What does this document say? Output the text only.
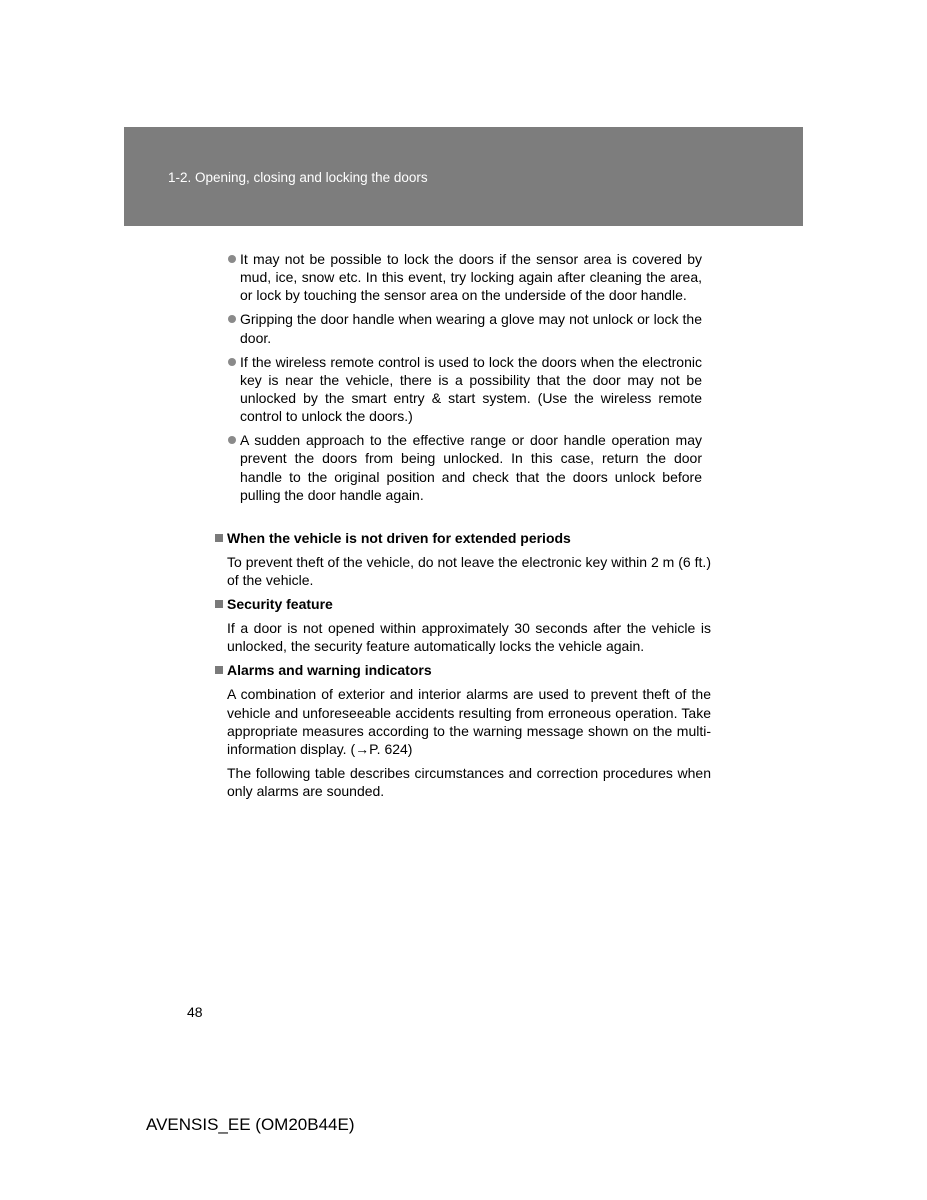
1-2. Opening, closing and locking the doors
It may not be possible to lock the doors if the sensor area is covered by mud, ice, snow etc. In this event, try locking again after cleaning the area, or lock by touching the sensor area on the underside of the door handle.
Gripping the door handle when wearing a glove may not unlock or lock the door.
If the wireless remote control is used to lock the doors when the electronic key is near the vehicle, there is a possibility that the door may not be unlocked by the smart entry & start system. (Use the wireless remote control to unlock the doors.)
A sudden approach to the effective range or door handle operation may prevent the doors from being unlocked. In this case, return the door handle to the original position and check that the doors unlock before pulling the door handle again.
When the vehicle is not driven for extended periods
To prevent theft of the vehicle, do not leave the electronic key within 2 m (6 ft.) of the vehicle.
Security feature
If a door is not opened within approximately 30 seconds after the vehicle is unlocked, the security feature automatically locks the vehicle again.
Alarms and warning indicators
A combination of exterior and interior alarms are used to prevent theft of the vehicle and unforeseeable accidents resulting from erroneous operation. Take appropriate measures according to the warning message shown on the multi-information display. (→P. 624)
The following table describes circumstances and correction procedures when only alarms are sounded.
48
AVENSIS_EE (OM20B44E)
